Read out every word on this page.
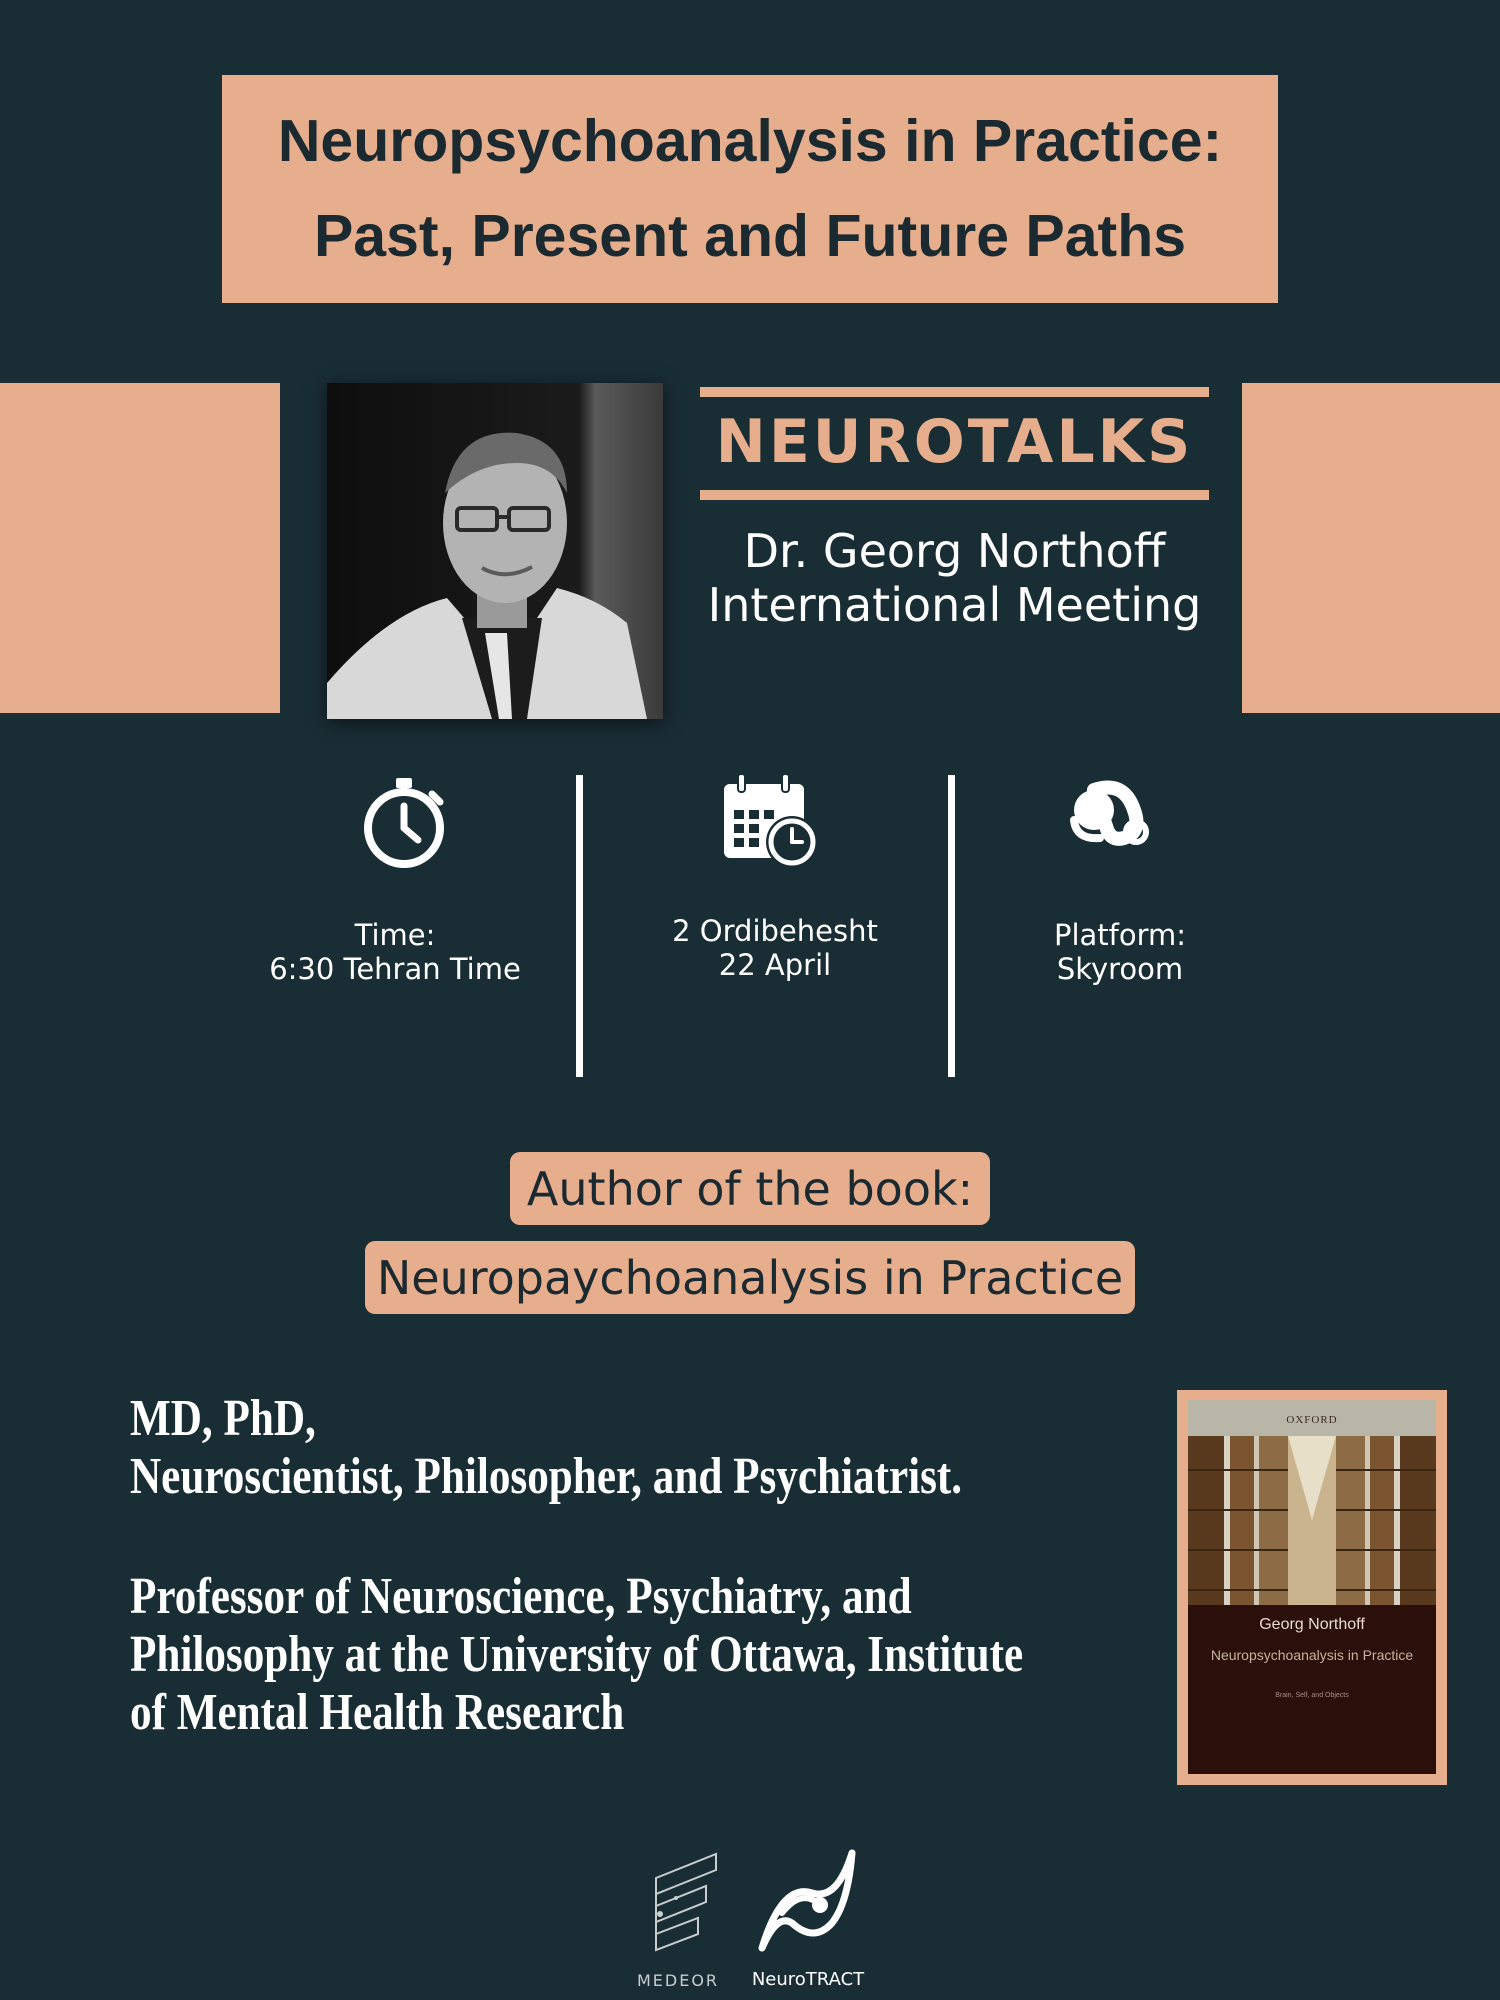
Neuropsychoanalysis in Practice:
Past, Present and Future Paths
NEUROTALKS
Dr. Georg Northoff
International Meeting
Time:
6:30 Tehran Time
2 Ordibehesht
22 April
Platform:
Skyroom
Author of the book:
Neuropaychoanalysis in Practice
MD, PhD,
Neuroscientist, Philosopher, and Psychiatrist.
Professor of Neuroscience, Psychiatry, and
Philosophy at the University of Ottawa, Institute
of Mental Health Research
OXFORD
Georg Northoff
Neuropsychoanalysis in Practice
Brain, Self, and Objects
MEDEOR	NeuroTRACT
